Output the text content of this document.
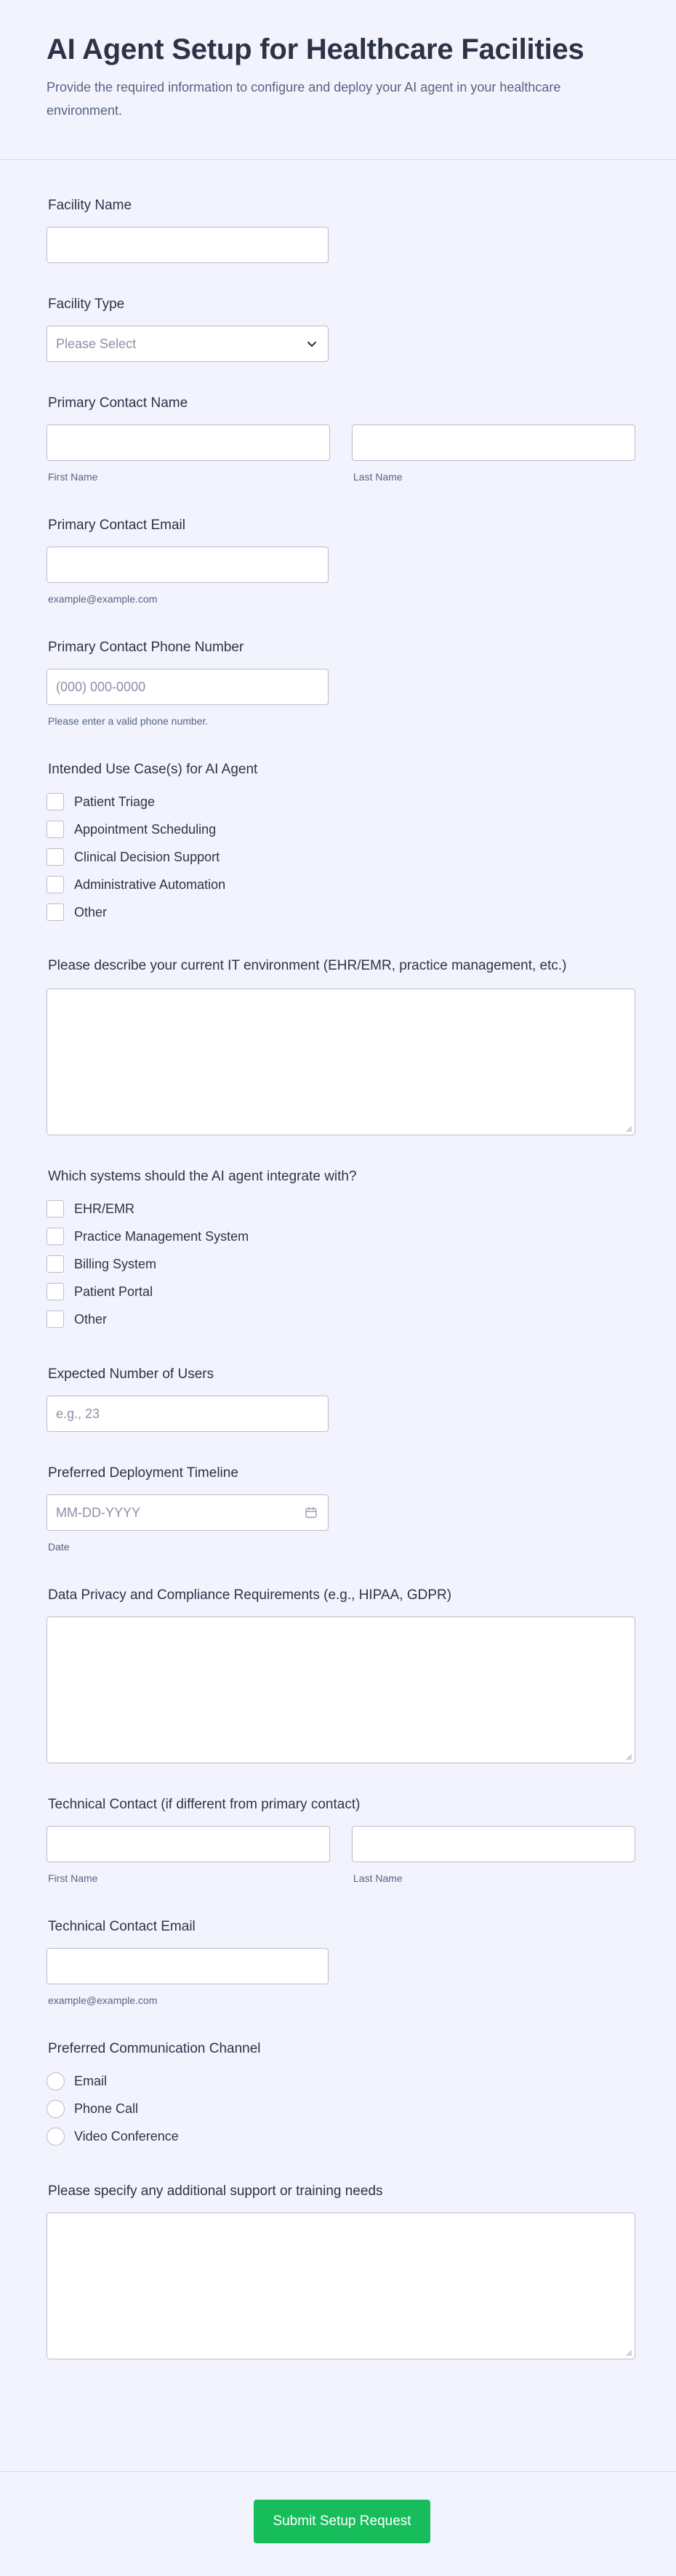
AI Agent Setup for Healthcare Facilities

Provide the required information to configure and deploy your AI agent in your healthcare environment.

Facility Name
Facility Type
Please Select
Primary Contact Name
First Name	Last Name
Primary Contact Email
example@example.com
Primary Contact Phone Number
(000) 000-0000
Please enter a valid phone number.
Intended Use Case(s) for AI Agent
Patient Triage
Appointment Scheduling
Clinical Decision Support
Administrative Automation
Other
Please describe your current IT environment (EHR/EMR, practice management, etc.)
Which systems should the AI agent integrate with?
EHR/EMR
Practice Management System
Billing System
Patient Portal
Other
Expected Number of Users
e.g., 23
Preferred Deployment Timeline
MM-DD-YYYY
Date
Data Privacy and Compliance Requirements (e.g., HIPAA, GDPR)
Technical Contact (if different from primary contact)
First Name	Last Name
Technical Contact Email
example@example.com
Preferred Communication Channel
Email
Phone Call
Video Conference
Please specify any additional support or training needs
Submit Setup Request
